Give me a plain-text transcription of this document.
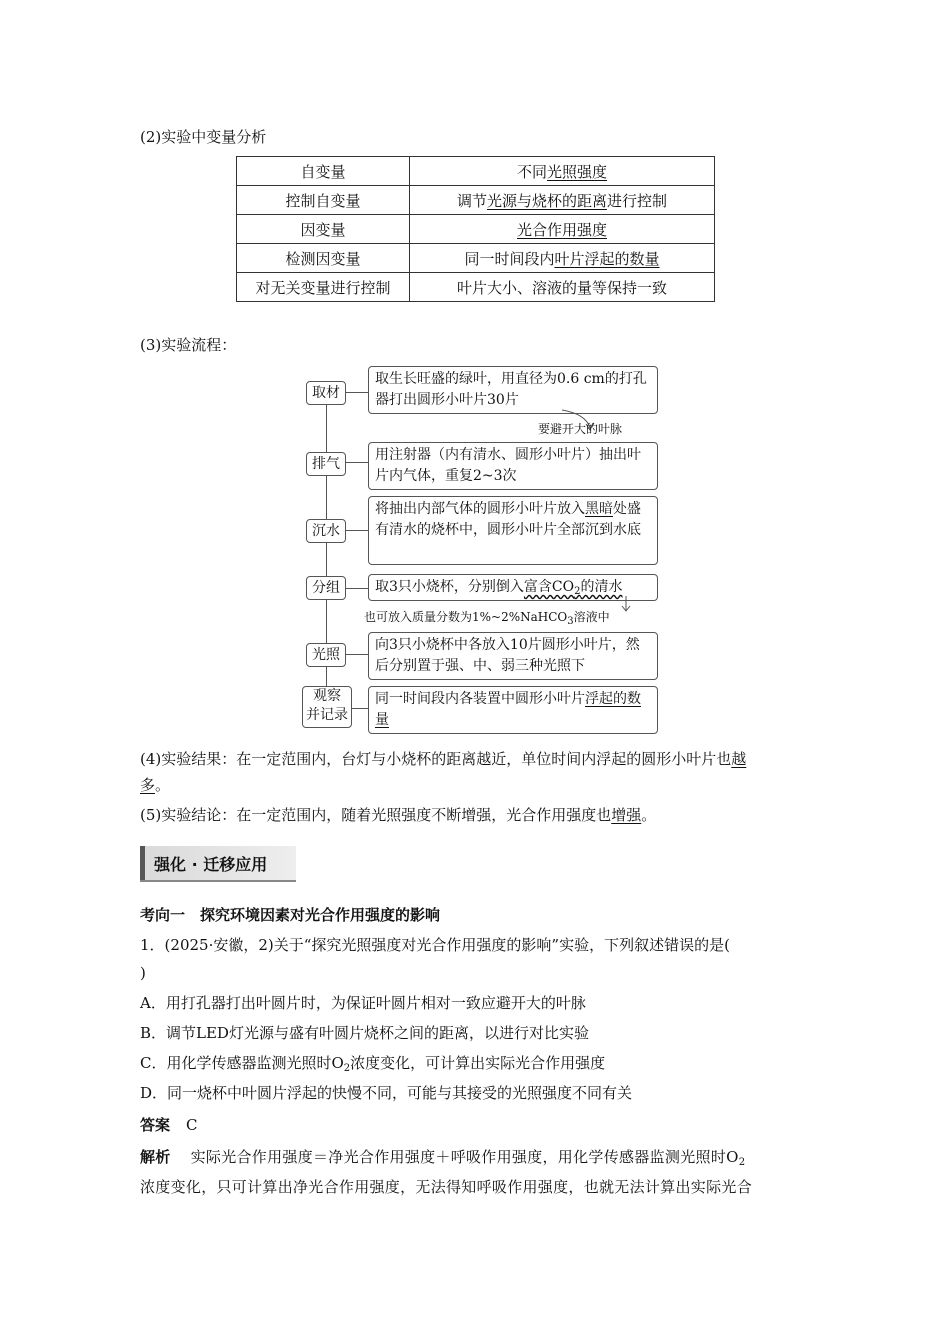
(2)实验中变量分析
自变量	不同光照强度
控制自变量	调节光源与烧杯的距离进行控制
因变量	光合作用强度
检测因变量	同一时间段内叶片浮起的数量
对无关变量进行控制	叶片大小、溶液的量等保持一致
(3)实验流程：
取材
取生长旺盛的绿叶，用直径为0.6 cm的打孔器打出圆形小叶片30片
要避开大的叶脉
排气
用注射器（内有清水、圆形小叶片）抽出叶片内气体，重复2~3次
沉水
将抽出内部气体的圆形小叶片放入黑暗处盛有清水的烧杯中，圆形小叶片全部沉到水底
分组	取3只小烧杯，分别倒入富含$CO_2$的清水
也可放入质量分数为1%~2%NaHCO$_3$溶液中
光照
向3只小烧杯中各放入10片圆形小叶片，然后分别置于强、中、弱三种光照下
观察
并记录
同一时间段内各装置中圆形小叶片浮起的数量
(4)实验结果：在一定范围内，台灯与小烧杯的距离越近，单位时间内浮起的圆形小叶片也越
多。
(5)实验结论：在一定范围内，随着光照强度不断增强，光合作用强度也增强。
强化 · 迁移应用
考向一　探究环境因素对光合作用强度的影响
1．(2025·安徽，2)关于“探究光照强度对光合作用强度的影响”实验，下列叙述错误的是(
)
A．用打孔器打出叶圆片时，为保证叶圆片相对一致应避开大的叶脉
B．调节LED灯光源与盛有叶圆片烧杯之间的距离，以进行对比实验
C．用化学传感器监测光照时$O_2$浓度变化，可计算出实际光合作用强度
D．同一烧杯中叶圆片浮起的快慢不同，可能与其接受的光照强度不同有关
答案 C
解析 实际光合作用强度＝净光合作用强度＋呼吸作用强度，用化学传感器监测光照时$O_2$
浓度变化，只可计算出净光合作用强度，无法得知呼吸作用强度，也就无法计算出实际光合
